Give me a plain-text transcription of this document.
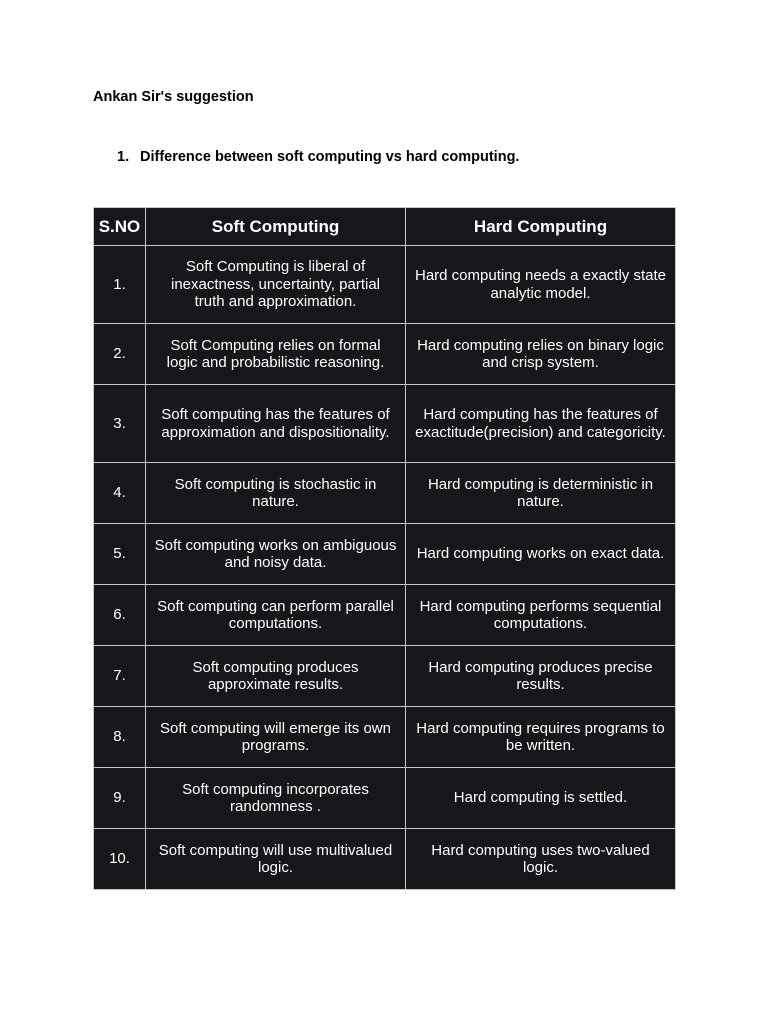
Ankan Sir's suggestion

1. Difference between soft computing vs hard computing.

S.NO	Soft Computing	Hard Computing
1.	Soft Computing is liberal of inexactness, uncertainty, partial truth and approximation.	Hard computing needs a exactly state analytic model.
2.	Soft Computing relies on formal logic and probabilistic reasoning.	Hard computing relies on binary logic and crisp system.
3.	Soft computing has the features of approximation and dispositionality.	Hard computing has the features of exactitude(precision) and categoricity.
4.	Soft computing is stochastic in nature.	Hard computing is deterministic in nature.
5.	Soft computing works on ambiguous and noisy data.	Hard computing works on exact data.
6.	Soft computing can perform parallel computations.	Hard computing performs sequential computations.
7.	Soft computing produces approximate results.	Hard computing produces precise results.
8.	Soft computing will emerge its own programs.	Hard computing requires programs to be written.
9.	Soft computing incorporates randomness .	Hard computing is settled.
10.	Soft computing will use multivalued logic.	Hard computing uses two-valued logic.
